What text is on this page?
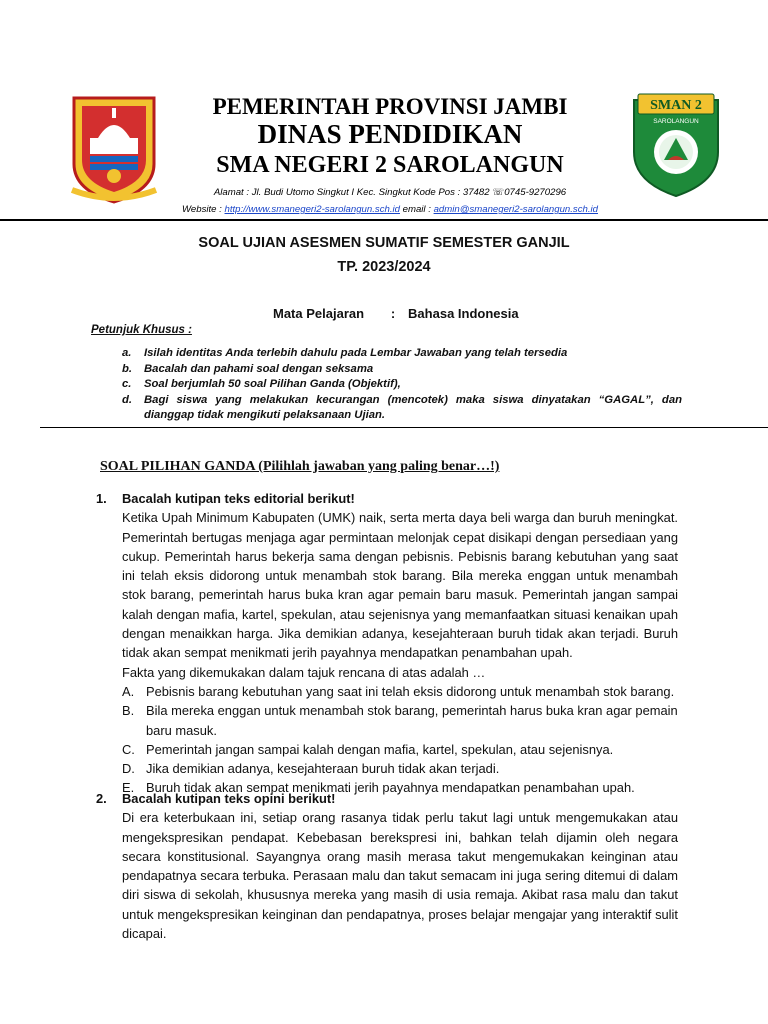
PEMERINTAH PROVINSI JAMBI
DINAS PENDIDIKAN
SMA NEGERI 2 SAROLANGUN
SMAN 2
SAROLANGUN
Alamat : Jl. Budi Utomo Singkut I Kec. Singkut Kode Pos : 37482 ☏0745-9270296
Website : http://www.smanegeri2-sarolangun.sch.id email : admin@smanegeri2-sarolangun.sch.id
SOAL UJIAN ASESMEN SUMATIF SEMESTER GANJIL
TP. 2023/2024
Mata Pelajaran : Bahasa Indonesia
Petunjuk Khusus :
a.	Isilah identitas Anda terlebih dahulu pada Lembar Jawaban yang telah tersedia
b.	Bacalah dan pahami soal dengan seksama
c.	Soal berjumlah 50 soal Pilihan Ganda (Objektif),
d.	Bagi siswa yang melakukan kecurangan (mencotek) maka siswa dinyatakan “GAGAL”, dan dianggap tidak mengikuti pelaksanaan Ujian.
SOAL PILIHAN GANDA (Pilihlah jawaban yang paling benar…!)
1.	Bacalah kutipan teks editorial berikut!
Ketika Upah Minimum Kabupaten (UMK) naik, serta merta daya beli warga dan buruh meningkat. Pemerintah bertugas menjaga agar permintaan melonjak cepat disikapi dengan persediaan yang cukup. Pemerintah harus bekerja sama dengan pebisnis. Pebisnis barang kebutuhan yang saat ini telah eksis didorong untuk menambah stok barang. Bila mereka enggan untuk menambah stok barang, pemerintah harus buka kran agar pemain baru masuk. Pemerintah jangan sampai kalah dengan mafia, kartel, spekulan, atau sejenisnya yang memanfaatkan situasi kenaikan upah dengan menaikkan harga. Jika demikian adanya, kesejahteraan buruh tidak akan terjadi. Buruh tidak akan sempat menikmati jerih payahnya mendapatkan penambahan upah.
Fakta yang dikemukakan dalam tajuk rencana di atas adalah …
A. Pebisnis barang kebutuhan yang saat ini telah eksis didorong untuk menambah stok barang.
B. Bila mereka enggan untuk menambah stok barang, pemerintah harus buka kran agar pemain baru masuk.
C. Pemerintah jangan sampai kalah dengan mafia, kartel, spekulan, atau sejenisnya.
D. Jika demikian adanya, kesejahteraan buruh tidak akan terjadi.
E. Buruh tidak akan sempat menikmati jerih payahnya mendapatkan penambahan upah.
2.	Bacalah kutipan teks opini berikut!
Di era keterbukaan ini, setiap orang rasanya tidak perlu takut lagi untuk mengemukakan atau mengekspresikan pendapat. Kebebasan berekspresi ini, bahkan telah dijamin oleh negara secara konstitusional. Sayangnya orang masih merasa takut mengemukakan keinginan atau pendapatnya secara terbuka. Perasaan malu dan takut semacam ini juga sering ditemui di dalam diri siswa di sekolah, khususnya mereka yang masih di usia remaja. Akibat rasa malu dan takut untuk mengekspresikan keinginan dan pendapatnya, proses belajar mengajar yang interaktif sulit dicapai.
